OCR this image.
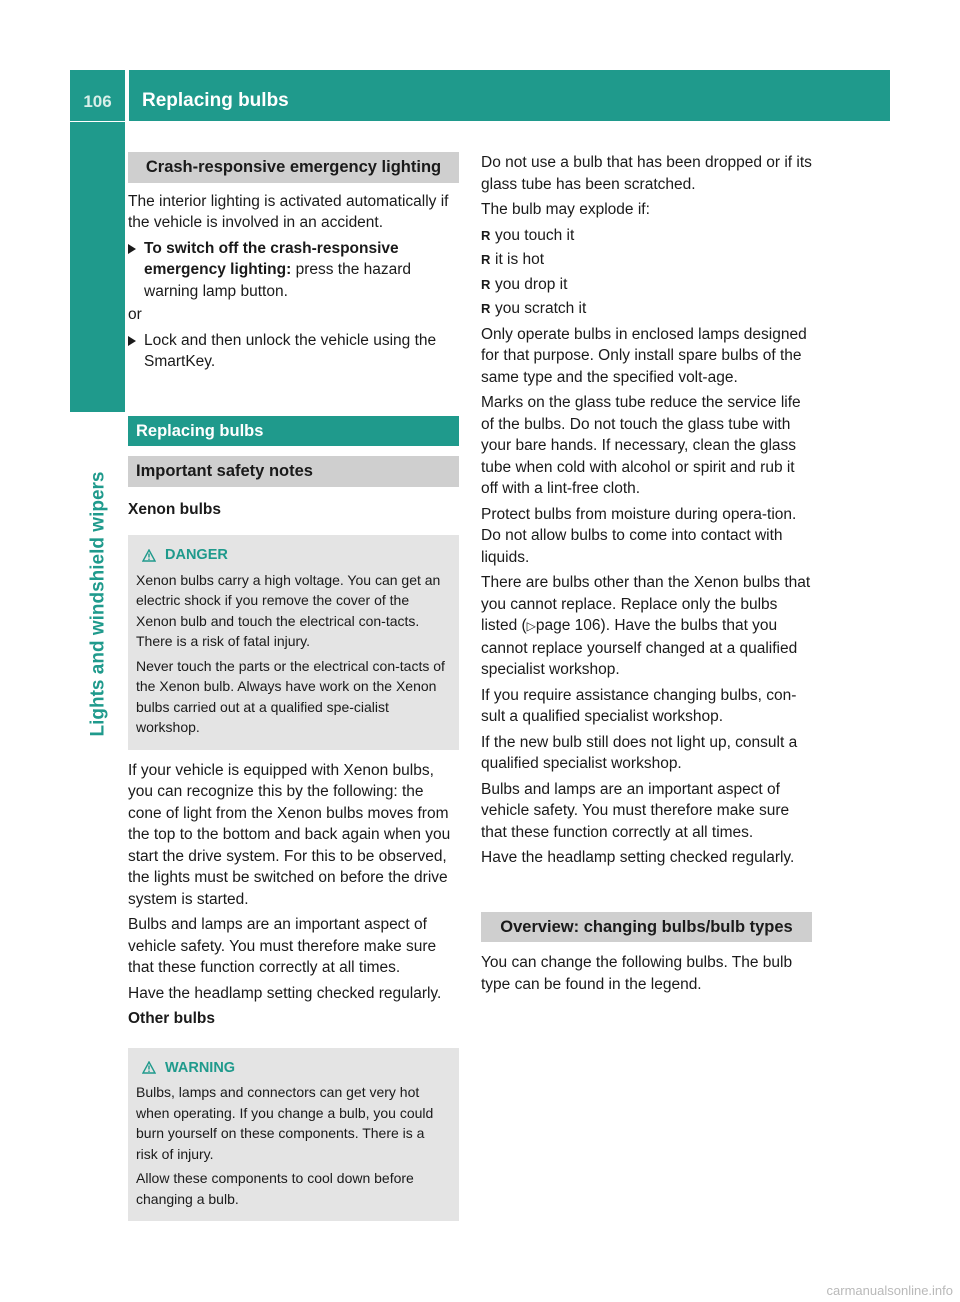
106	Replacing bulbs
Lights and windshield wipers
Crash-responsive emergency lighting

The interior lighting is activated automatically if the vehicle is involved in an accident.

To switch off the crash-responsive emergency lighting: press the hazard warning lamp button.

or

Lock and then unlock the vehicle using the SmartKey.
Replacing bulbs
Important safety notes
Xenon bulbs
DANGER

Xenon bulbs carry a high voltage. You can get an electric shock if you remove the cover of the Xenon bulb and touch the electrical con-tacts. There is a risk of fatal injury.

Never touch the parts or the electrical con-tacts of the Xenon bulb. Always have work on the Xenon bulbs carried out at a qualified spe-cialist workshop.

If your vehicle is equipped with Xenon bulbs, you can recognize this by the following: the cone of light from the Xenon bulbs moves from the top to the bottom and back again when you start the drive system. For this to be observed, the lights must be switched on before the drive system is started.

Bulbs and lamps are an important aspect of vehicle safety. You must therefore make sure that these function correctly at all times.

Have the headlamp setting checked regularly.

Other bulbs
WARNING

Bulbs, lamps and connectors can get very hot when operating. If you change a bulb, you could burn yourself on these components. There is a risk of injury.

Allow these components to cool down before changing a bulb.

Do not use a bulb that has been dropped or if its glass tube has been scratched.

The bulb may explode if:

R you touch it
R it is hot
R you drop it
R you scratch it

Only operate bulbs in enclosed lamps designed for that purpose. Only install spare bulbs of the same type and the specified volt-age.

Marks on the glass tube reduce the service life of the bulbs. Do not touch the glass tube with your bare hands. If necessary, clean the glass tube when cold with alcohol or spirit and rub it off with a lint-free cloth.

Protect bulbs from moisture during opera-tion. Do not allow bulbs to come into contact with liquids.

There are bulbs other than the Xenon bulbs that you cannot replace. Replace only the bulbs listed (▷page 106). Have the bulbs that you cannot replace yourself changed at a qualified specialist workshop.

If you require assistance changing bulbs, con-sult a qualified specialist workshop.

If the new bulb still does not light up, consult a qualified specialist workshop.

Bulbs and lamps are an important aspect of vehicle safety. You must therefore make sure that these function correctly at all times.

Have the headlamp setting checked regularly.

Overview: changing bulbs/bulb types

You can change the following bulbs. The bulb type can be found in the legend.

carmanualsonline.info
